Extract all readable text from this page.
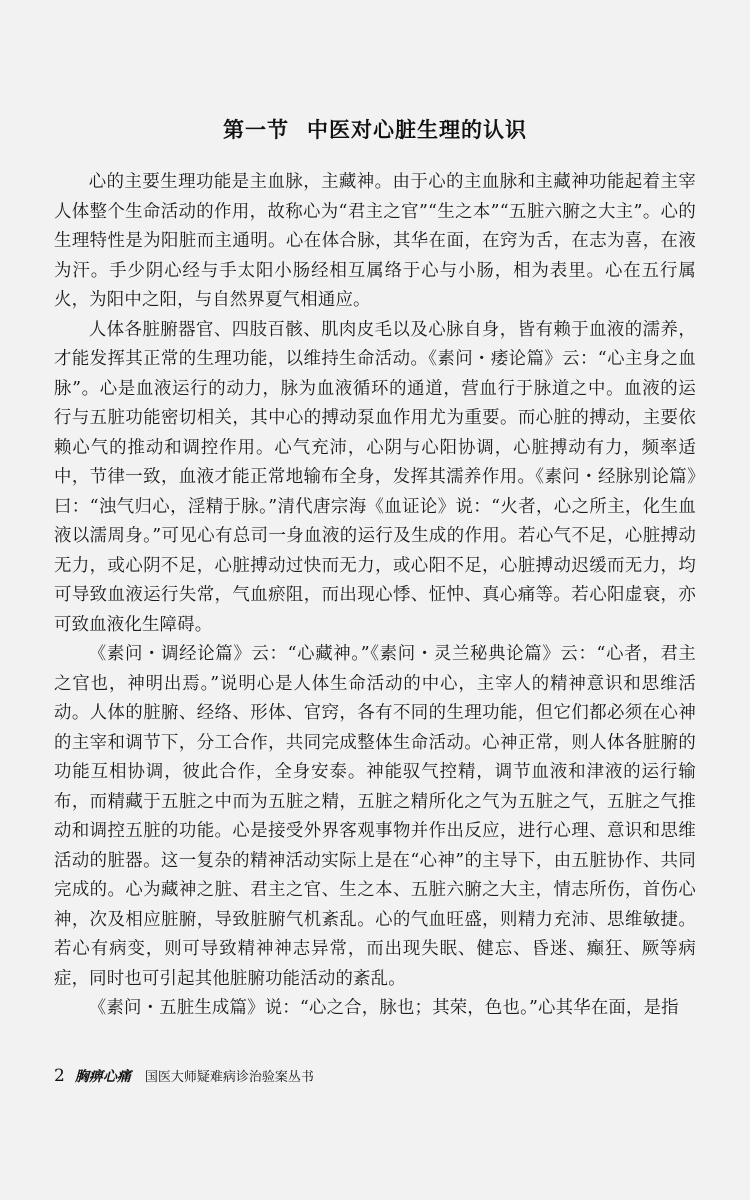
第一节 中医对心脏生理的认识

心的主要生理功能是主血脉，主藏神。由于心的主血脉和主藏神功能起着主宰人体整个生命活动的作用，故称心为“君主之官”“生之本”“五脏六腑之大主”。心的生理特性是为阳脏而主通明。心在体合脉，其华在面，在窍为舌，在志为喜，在液为汗。手少阴心经与手太阳小肠经相互属络于心与小肠，相为表里。心在五行属火，为阳中之阳，与自然界夏气相通应。

人体各脏腑器官、四肢百骸、肌肉皮毛以及心脉自身，皆有赖于血液的濡养，才能发挥其正常的生理功能，以维持生命活动。《素问・痿论篇》云：“心主身之血脉”。心是血液运行的动力，脉为血液循环的通道，营血行于脉道之中。血液的运行与五脏功能密切相关，其中心的搏动泵血作用尤为重要。而心脏的搏动，主要依赖心气的推动和调控作用。心气充沛，心阴与心阳协调，心脏搏动有力，频率适中，节律一致，血液才能正常地输布全身，发挥其濡养作用。《素问・经脉别论篇》曰：“浊气归心，淫精于脉。”清代唐宗海《血证论》说：“火者，心之所主，化生血液以濡周身。”可见心有总司一身血液的运行及生成的作用。若心气不足，心脏搏动无力，或心阴不足，心脏搏动过快而无力，或心阳不足，心脏搏动迟缓而无力，均可导致血液运行失常，气血瘀阻，而出现心悸、怔忡、真心痛等。若心阳虚衰，亦可致血液化生障碍。

《素问・调经论篇》云：“心藏神。”《素问・灵兰秘典论篇》云：“心者，君主之官也，神明出焉。”说明心是人体生命活动的中心，主宰人的精神意识和思维活动。人体的脏腑、经络、形体、官窍，各有不同的生理功能，但它们都必须在心神的主宰和调节下，分工合作，共同完成整体生命活动。心神正常，则人体各脏腑的功能互相协调，彼此合作，全身安泰。神能驭气控精，调节血液和津液的运行输布，而精藏于五脏之中而为五脏之精，五脏之精所化之气为五脏之气，五脏之气推动和调控五脏的功能。心是接受外界客观事物并作出反应，进行心理、意识和思维活动的脏器。这一复杂的精神活动实际上是在“心神”的主导下，由五脏协作、共同完成的。心为藏神之脏、君主之官、生之本、五脏六腑之大主，情志所伤，首伤心神，次及相应脏腑，导致脏腑气机紊乱。心的气血旺盛，则精力充沛、思维敏捷。若心有病变，则可导致精神神志异常，而出现失眠、健忘、昏迷、癫狂、厥等病症，同时也可引起其他脏腑功能活动的紊乱。

《素问・五脏生成篇》说：“心之合，脉也；其荣，色也。”心其华在面，是指

2 胸痹心痛 国医大师疑难病诊治验案丛书
